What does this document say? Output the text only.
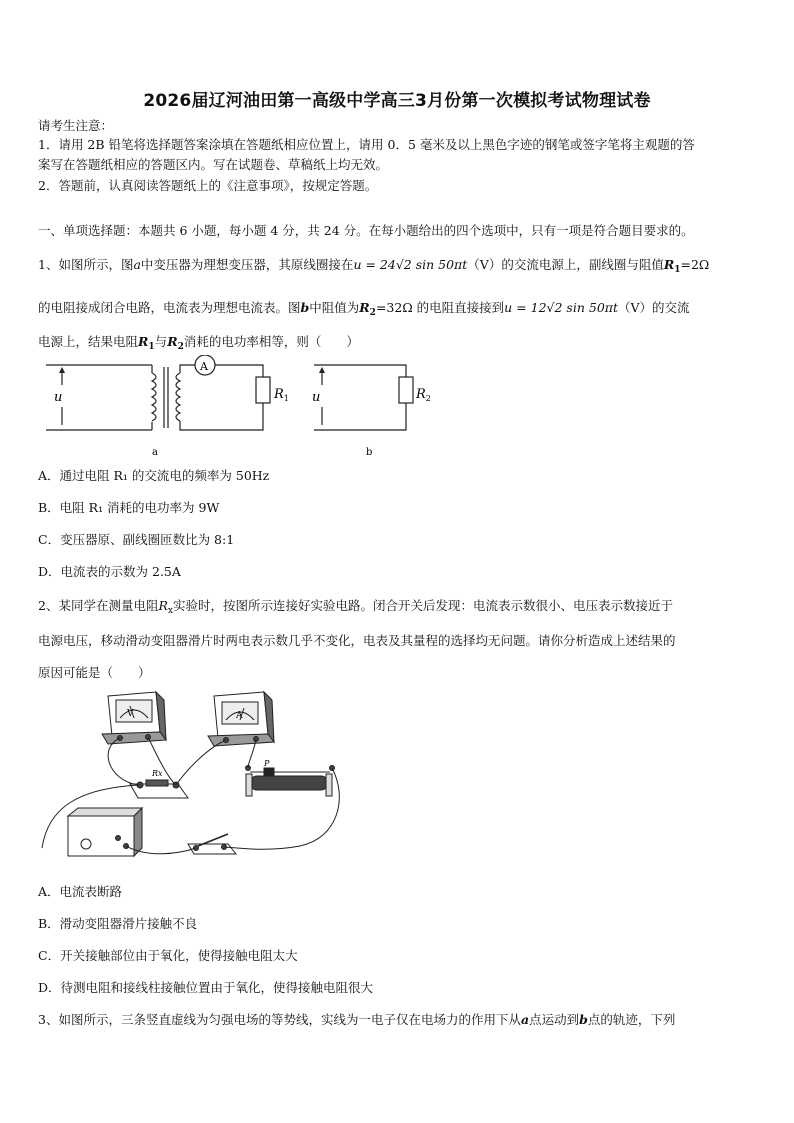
2026届辽河油田第一高级中学高三3月份第一次模拟考试物理试卷
请考生注意：
1．请用 2B 铅笔将选择题答案涂填在答题纸相应位置上，请用 0．5 毫米及以上黑色字迹的钢笔或签字笔将主观题的答
案写在答题纸相应的答题区内。写在试题卷、草稿纸上均无效。
2．答题前，认真阅读答题纸上的《注意事项》，按规定答题。
一、单项选择题：本题共 6 小题，每小题 4 分，共 24 分。在每小题给出的四个选项中，只有一项是符合题目要求的。
1、如图所示，图a中变压器为理想变压器，其原线圈接在u = 24√2 sin 50πt（V）的交流电源上，副线圈与阻值$R_1=2\Omega$
的电阻接成闭合电路，电流表为理想电流表。图b中阻值为$R_2=32\Omega$ 的电阻直接接到u = 12√2 sin 50πt（V）的交流
电源上，结果电阻$R_1$与$R_2$消耗的电功率相等，则（　　）
u
A
$R_1$
a
u	$R_2$
b
A．通过电阻 R₁ 的交流电的频率为 50Hz
B．电阻 R₁ 消耗的电功率为 9W
C．变压器原、副线圈匝数比为 8:1
D．电流表的示数为 2.5A
2、某同学在测量电阻$R_x$实验时，按图所示连接好实验电路。闭合开关后发现：电流表示数很小、电压表示数接近于
电源电压，移动滑动变阻器滑片时两电表示数几乎不变化，电表及其量程的选择均无问题。请你分析造成上述结果的
原因可能是（　　）
V	A
Rx
P
A．电流表断路
B．滑动变阻器滑片接触不良
C．开关接触部位由于氧化，使得接触电阻太大
D．待测电阻和接线柱接触位置由于氧化，使得接触电阻很大
3、如图所示，三条竖直虚线为匀强电场的等势线，实线为一电子仅在电场力的作用下从a点运动到b点的轨迹，下列
